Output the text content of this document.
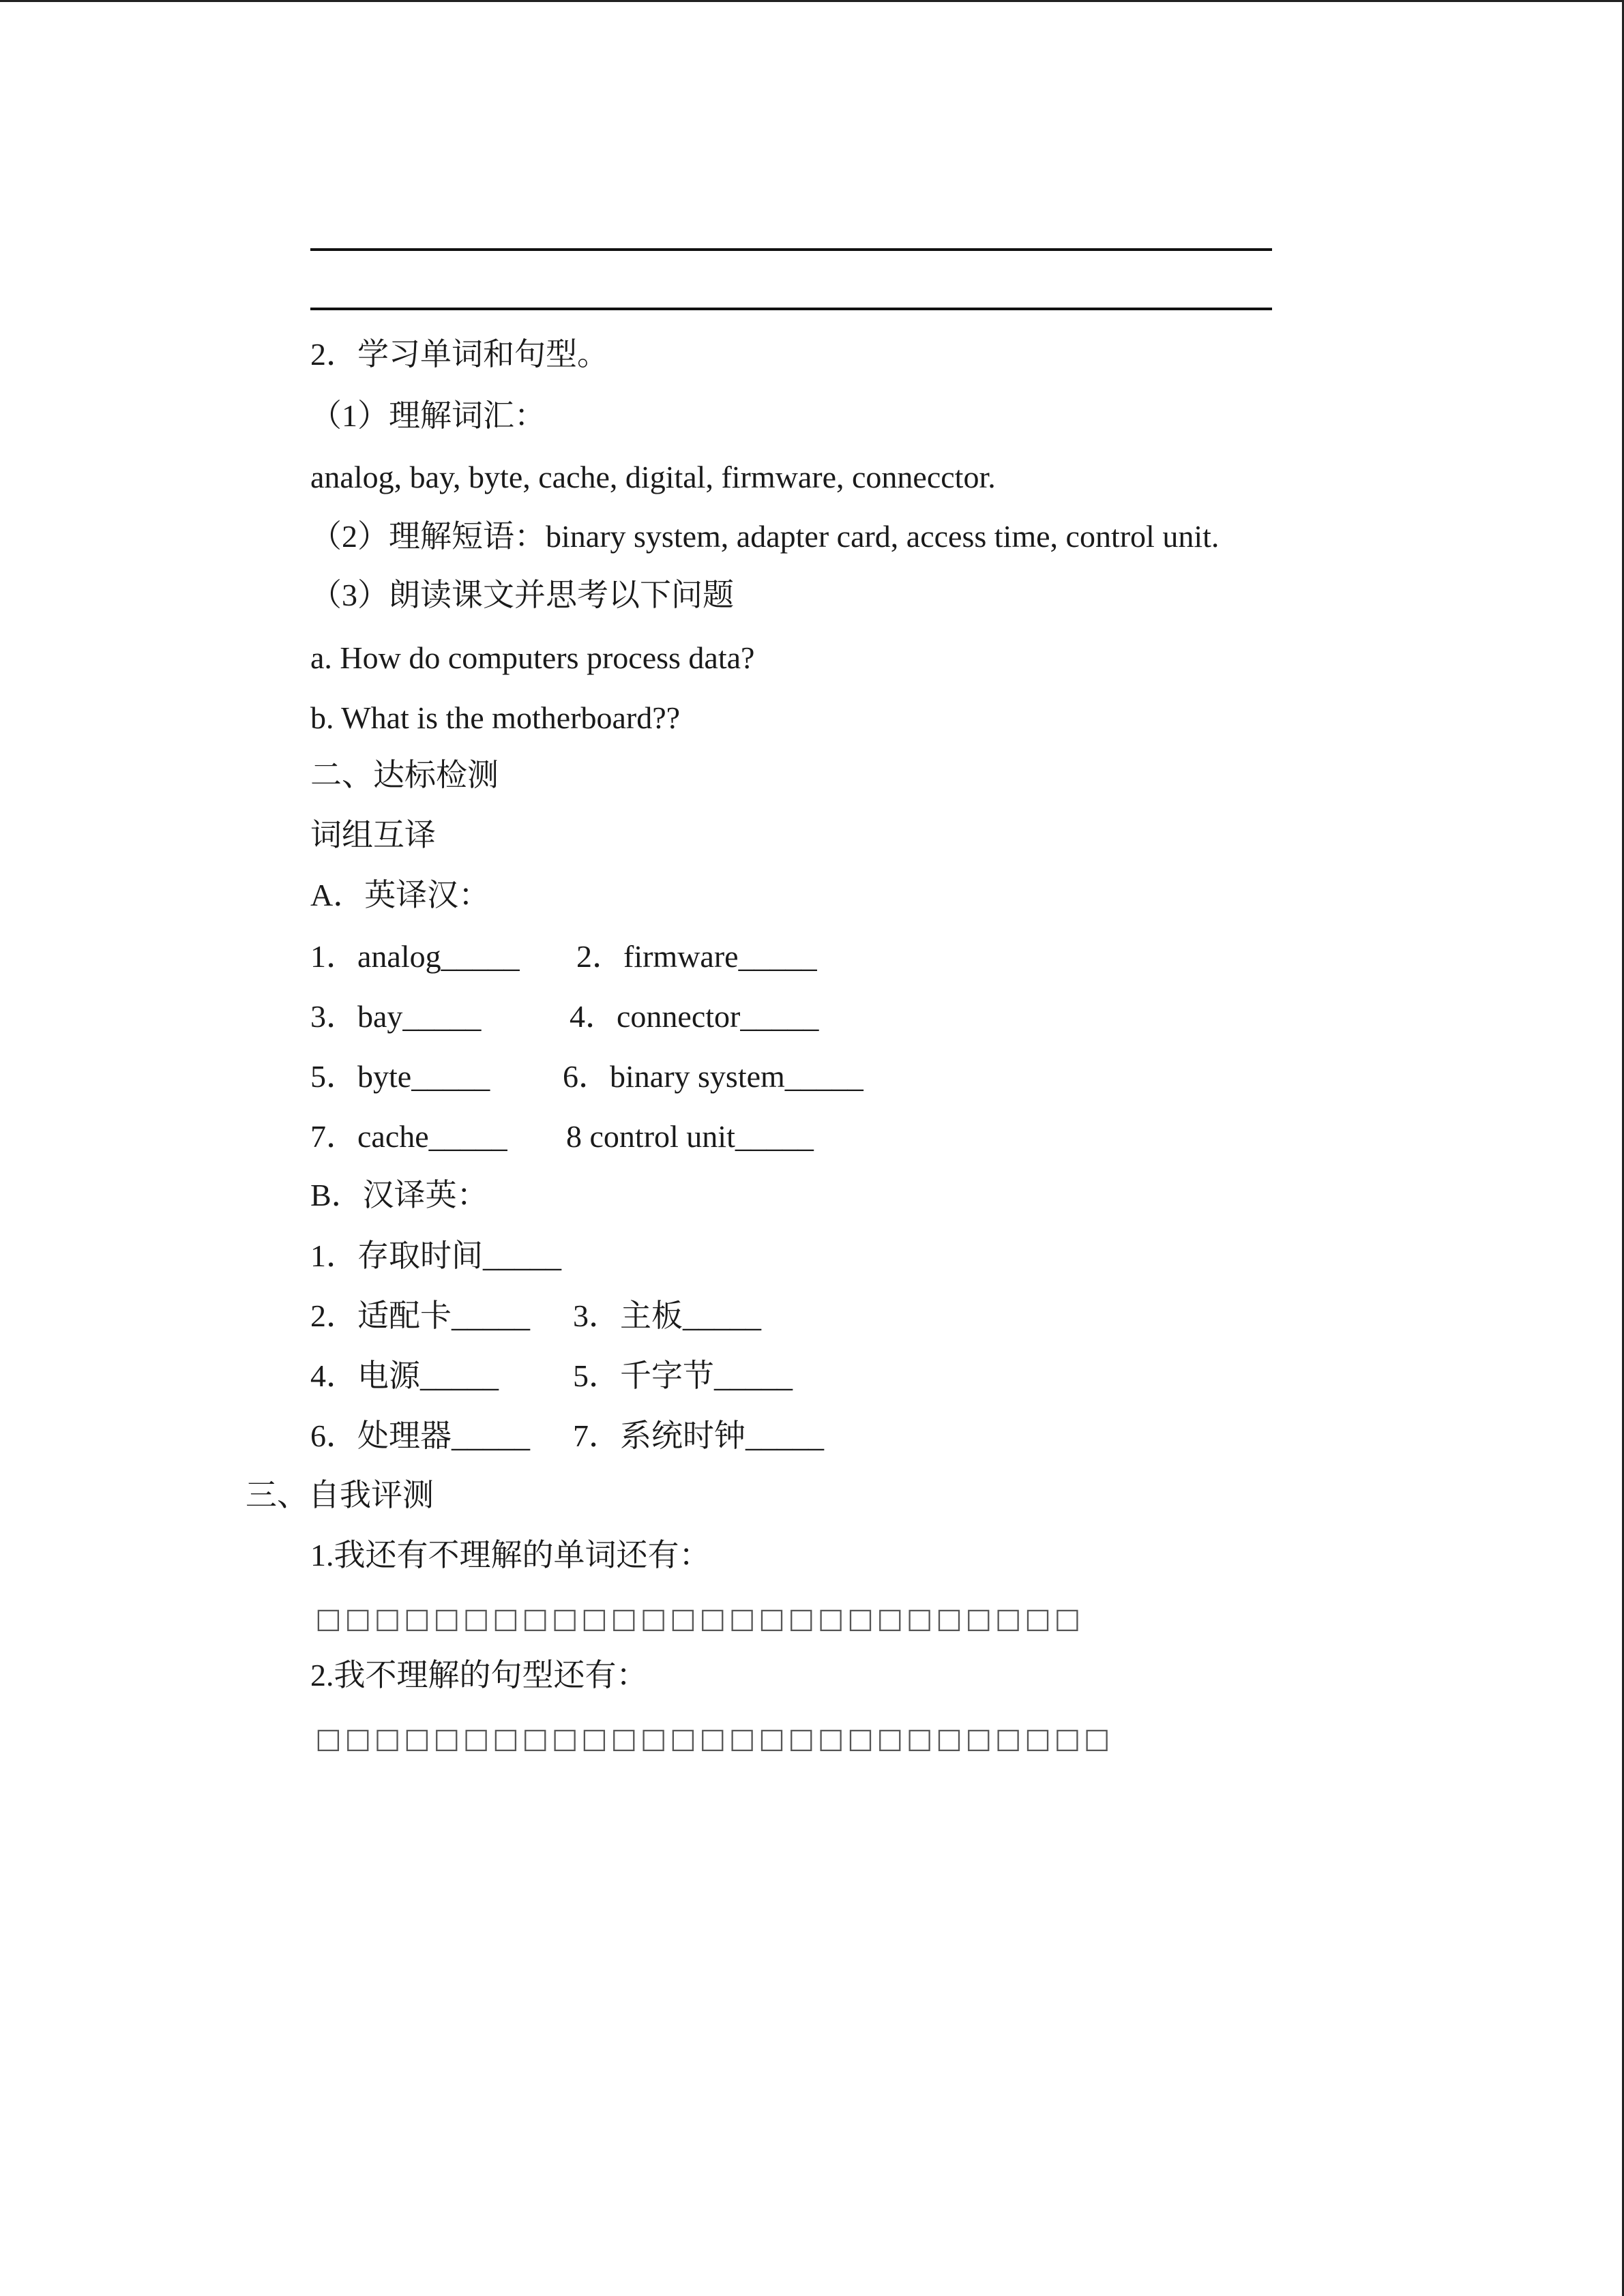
2．学习单词和句型。
（1）理解词汇：
analog, bay, byte, cache, digital, firmware, connecctor.
（2）理解短语：binary system, adapter card, access time, control unit.
（3）朗读课文并思考以下问题
a. How do computers process data?
b. What is the motherboard??
二、达标检测
词组互译
A．英译汉：
1．analog_____ 2．firmware_____
3．bay_____	4．connector_____
5．byte_____ 6．binary system_____
7．cache_____ 8 control unit_____
B．汉译英：
1．存取时间_____
2．适配卡_____ 3．主板_____
4．电源_____ 5．千字节_____
6．处理器_____ 7．系统时钟_____
三、自我评测
1.我还有不理解的单词还有：
□□□□□□□□□□□□□□□□□□□□□□□□□□
2.我不理解的句型还有：
□□□□□□□□□□□□□□□□□□□□□□□□□□□
